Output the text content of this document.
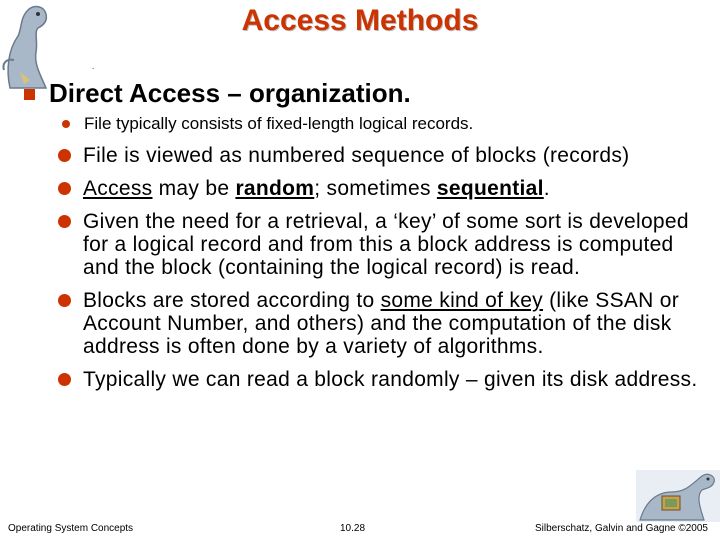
Access Methods
.
Direct Access – organization.
File typically consists of fixed-length logical records.
File is viewed as numbered sequence of blocks (records)
Access may be random; sometimes sequential.
Given the need for a retrieval, a ‘key’ of some sort is developed for a logical record and from this a block address is computed and the block (containing the logical record) is read.
Blocks are stored according to some kind of key (like SSAN or Account Number, and others) and the computation of the disk address is often done by a variety of algorithms.
Typically we can read a block randomly – given its disk address.
Operating System Concepts	10.28	Silberschatz, Galvin and Gagne ©2005
